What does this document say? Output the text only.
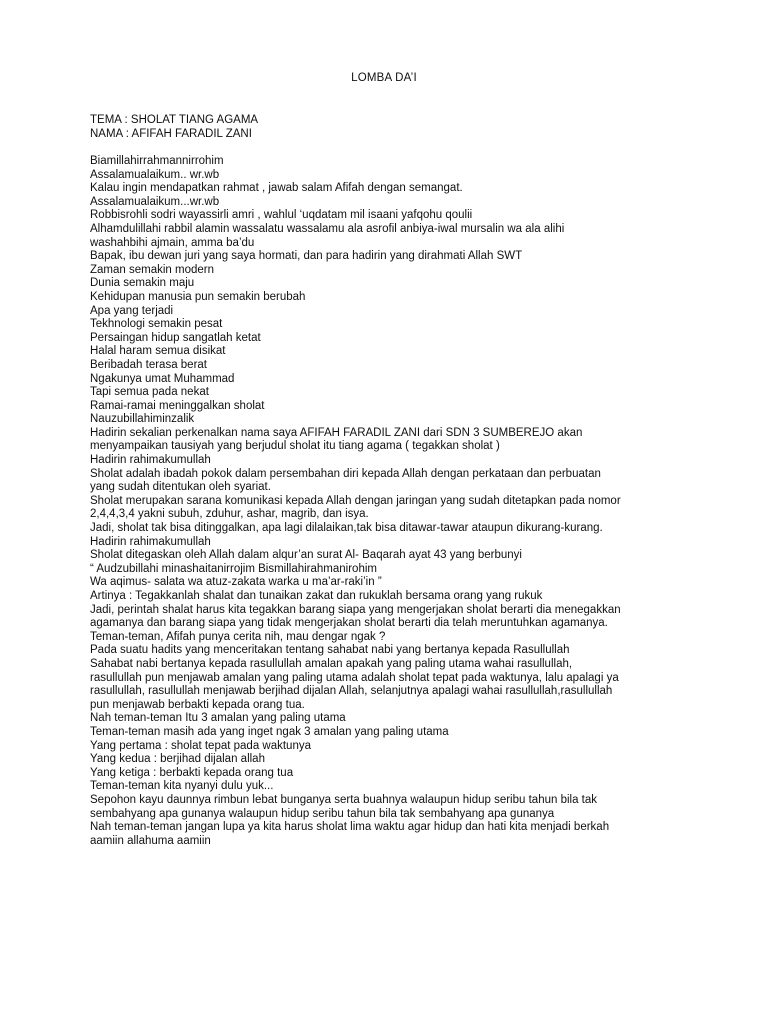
LOMBA DA’I
TEMA : SHOLAT TIANG AGAMA
NAMA : AFIFAH FARADIL ZANI
Biamillahirrahmannirrohim
Assalamualaikum.. wr.wb
Kalau ingin mendapatkan rahmat , jawab salam Afifah dengan semangat.
Assalamualaikum...wr.wb
Robbisrohli sodri wayassirli amri , wahlul ‘uqdatam mil isaani yafqohu qoulii
Alhamdulillahi rabbil alamin wassalatu wassalamu ala asrofil anbiya-iwal mursalin wa ala alihi
washahbihi ajmain, amma ba’du
Bapak, ibu dewan juri yang saya hormati, dan para hadirin yang dirahmati Allah SWT
Zaman semakin modern
Dunia semakin maju
Kehidupan manusia pun semakin berubah
Apa yang terjadi
Tekhnologi semakin pesat
Persaingan hidup sangatlah ketat
Halal haram semua disikat
Beribadah terasa berat
Ngakunya umat Muhammad
Tapi semua pada nekat
Ramai-ramai meninggalkan sholat
Nauzubillahiminzalik
Hadirin sekalian perkenalkan nama saya AFIFAH FARADIL ZANI dari SDN 3 SUMBEREJO akan
menyampaikan tausiyah yang berjudul sholat itu tiang agama ( tegakkan sholat )
Hadirin rahimakumullah
Sholat adalah ibadah pokok dalam persembahan diri kepada Allah dengan perkataan dan perbuatan
yang sudah ditentukan oleh syariat.
Sholat merupakan sarana komunikasi kepada Allah dengan jaringan yang sudah ditetapkan pada nomor
2,4,4,3,4 yakni subuh, zduhur, ashar, magrib, dan isya.
Jadi, sholat tak bisa ditinggalkan, apa lagi dilalaikan,tak bisa ditawar-tawar ataupun dikurang-kurang.
Hadirin rahimakumullah
Sholat ditegaskan oleh Allah dalam alqur’an surat Al- Baqarah ayat 43 yang berbunyi
“ Audzubillahi minashaitanirrojim Bismillahirahmanirohim
Wa aqimus- salata wa atuz-zakata warka u ma’ar-raki’in ”
Artinya : Tegakkanlah shalat dan tunaikan zakat dan rukuklah bersama orang yang rukuk
Jadi, perintah shalat harus kita tegakkan barang siapa yang mengerjakan sholat berarti dia menegakkan
agamanya dan barang siapa yang tidak mengerjakan sholat berarti dia telah meruntuhkan agamanya.
Teman-teman, Afifah punya cerita nih, mau dengar ngak ?
Pada suatu hadits yang menceritakan tentang sahabat nabi yang bertanya kepada Rasullullah
Sahabat nabi bertanya kepada rasullullah amalan apakah yang paling utama wahai rasullullah,
rasullullah pun menjawab amalan yang paling utama adalah sholat tepat pada waktunya, lalu apalagi ya
rasullullah, rasullullah menjawab berjihad dijalan Allah, selanjutnya apalagi wahai rasullullah,rasullullah
pun menjawab berbakti kepada orang tua.
Nah teman-teman Itu 3 amalan yang paling utama
Teman-teman masih ada yang inget ngak 3 amalan yang paling utama
Yang pertama : sholat tepat pada waktunya
Yang kedua : berjihad dijalan allah
Yang ketiga : berbakti kepada orang tua
Teman-teman kita nyanyi dulu yuk...
Sepohon kayu daunnya rimbun lebat bunganya serta buahnya walaupun hidup seribu tahun bila tak
sembahyang apa gunanya walaupun hidup seribu tahun bila tak sembahyang apa gunanya
Nah teman-teman jangan lupa ya kita harus sholat lima waktu agar hidup dan hati kita menjadi berkah
aamiin allahuma aamiin
